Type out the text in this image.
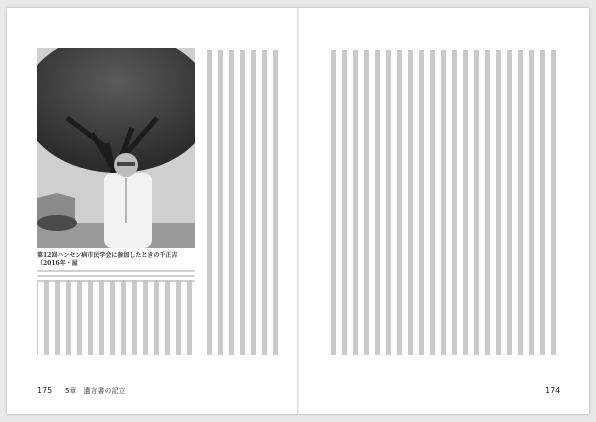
第12回ハンセン病市民学会に参加したときの千正吉（2016年・屋
175 5章　遺言書の記立	174
